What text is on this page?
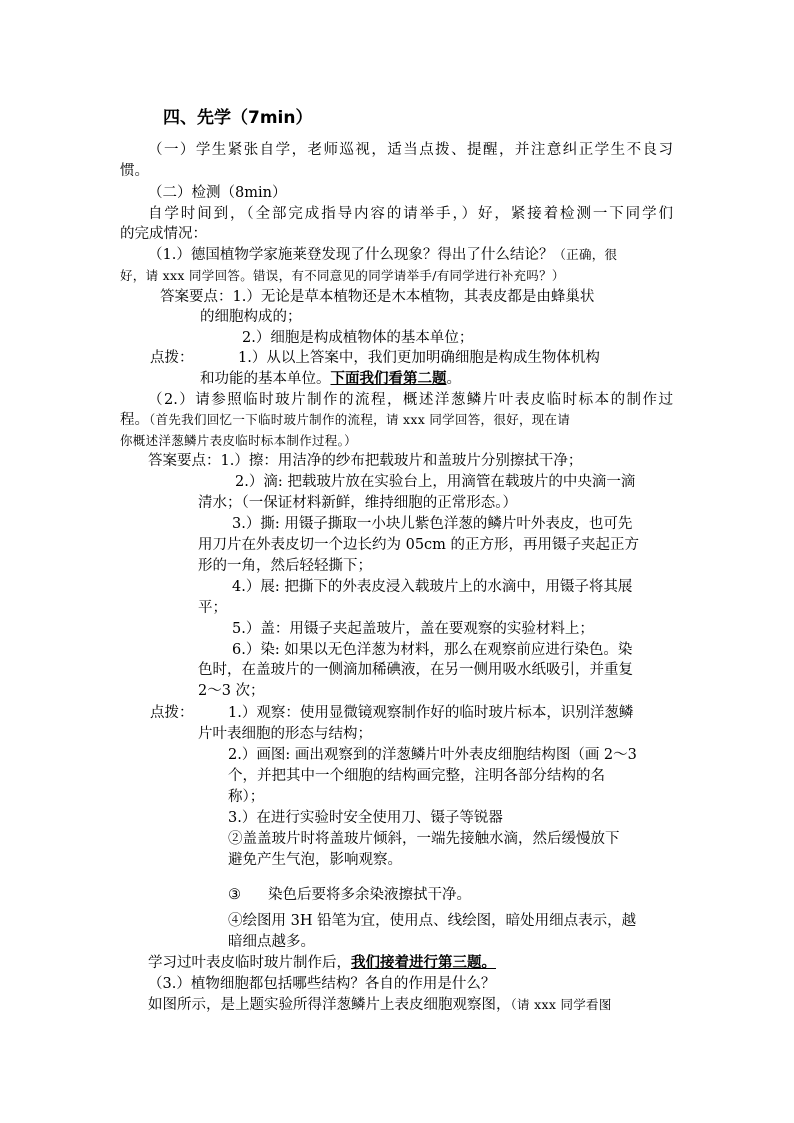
四、先学（7min）
（一）学生紧张自学，老师巡视，适当点拨、提醒，并注意纠正学生不良习
惯。
（二）检测（8min）
自学时间到，（全部完成指导内容的请举手，）好，紧接着检测一下同学们
的完成情况：
（1.）德国植物学家施莱登发现了什么现象？得出了什么结论？（正确，很
好，请 xxx 同学回答。错误，有不同意见的同学请举手/有同学进行补充吗？）
答案要点：1.）无论是草本植物还是木本植物，其表皮都是由蜂巢状
的细胞构成的；
2.）细胞是构成植物体的基本单位；
点拨：	1.）从以上答案中，我们更加明确细胞是构成生物体机构
和功能的基本单位。下面我们看第二题。
（2.）请参照临时玻片制作的流程，概述洋葱鳞片叶表皮临时标本的制作过
程。（首先我们回忆一下临时玻片制作的流程，请 xxx 同学回答，很好，现在请
你概述洋葱鳞片表皮临时标本制作过程。）
答案要点：1.）擦：用洁净的纱布把载玻片和盖玻片分别擦拭干净；
2.）滴: 把载玻片放在实验台上，用滴管在载玻片的中央滴一滴
清水；（一保证材料新鲜，维持细胞的正常形态。）
3.）撕: 用镊子撕取一小块儿紫色洋葱的鳞片叶外表皮，也可先
用刀片在外表皮切一个边长约为 05cm 的正方形，再用镊子夹起正方
形的一角，然后轻轻撕下；
4.）展: 把撕下的外表皮浸入载玻片上的水滴中，用镊子将其展
平；
5.）盖：用镊子夹起盖玻片，盖在要观察的实验材料上；
6.）染: 如果以无色洋葱为材料，那么在观察前应进行染色。染
色时，在盖玻片的一侧滴加稀碘液，在另一侧用吸水纸吸引，并重复
2～3 次；
点拨： 1.）观察：使用显微镜观察制作好的临时玻片标本，识别洋葱鳞
片叶表细胞的形态与结构；
2.）画图: 画出观察到的洋葱鳞片叶外表皮细胞结构图（画 2～3
个，并把其中一个细胞的结构画完整，注明各部分结构的名
称）；
3.）在进行实验时安全使用刀、镊子等锐器
②盖盖玻片时将盖玻片倾斜，一端先接触水滴，然后缓慢放下
避免产生气泡，影响观察。
③ 染色后要将多余染液擦拭干净。
④绘图用 3H 铅笔为宜，使用点、线绘图，暗处用细点表示，越
暗细点越多。
学习过叶表皮临时玻片制作后，我们接着进行第三题。
（3.）植物细胞都包括哪些结构？各自的作用是什么？
如图所示，是上题实验所得洋葱鳞片上表皮细胞观察图，（请 xxx 同学看图
